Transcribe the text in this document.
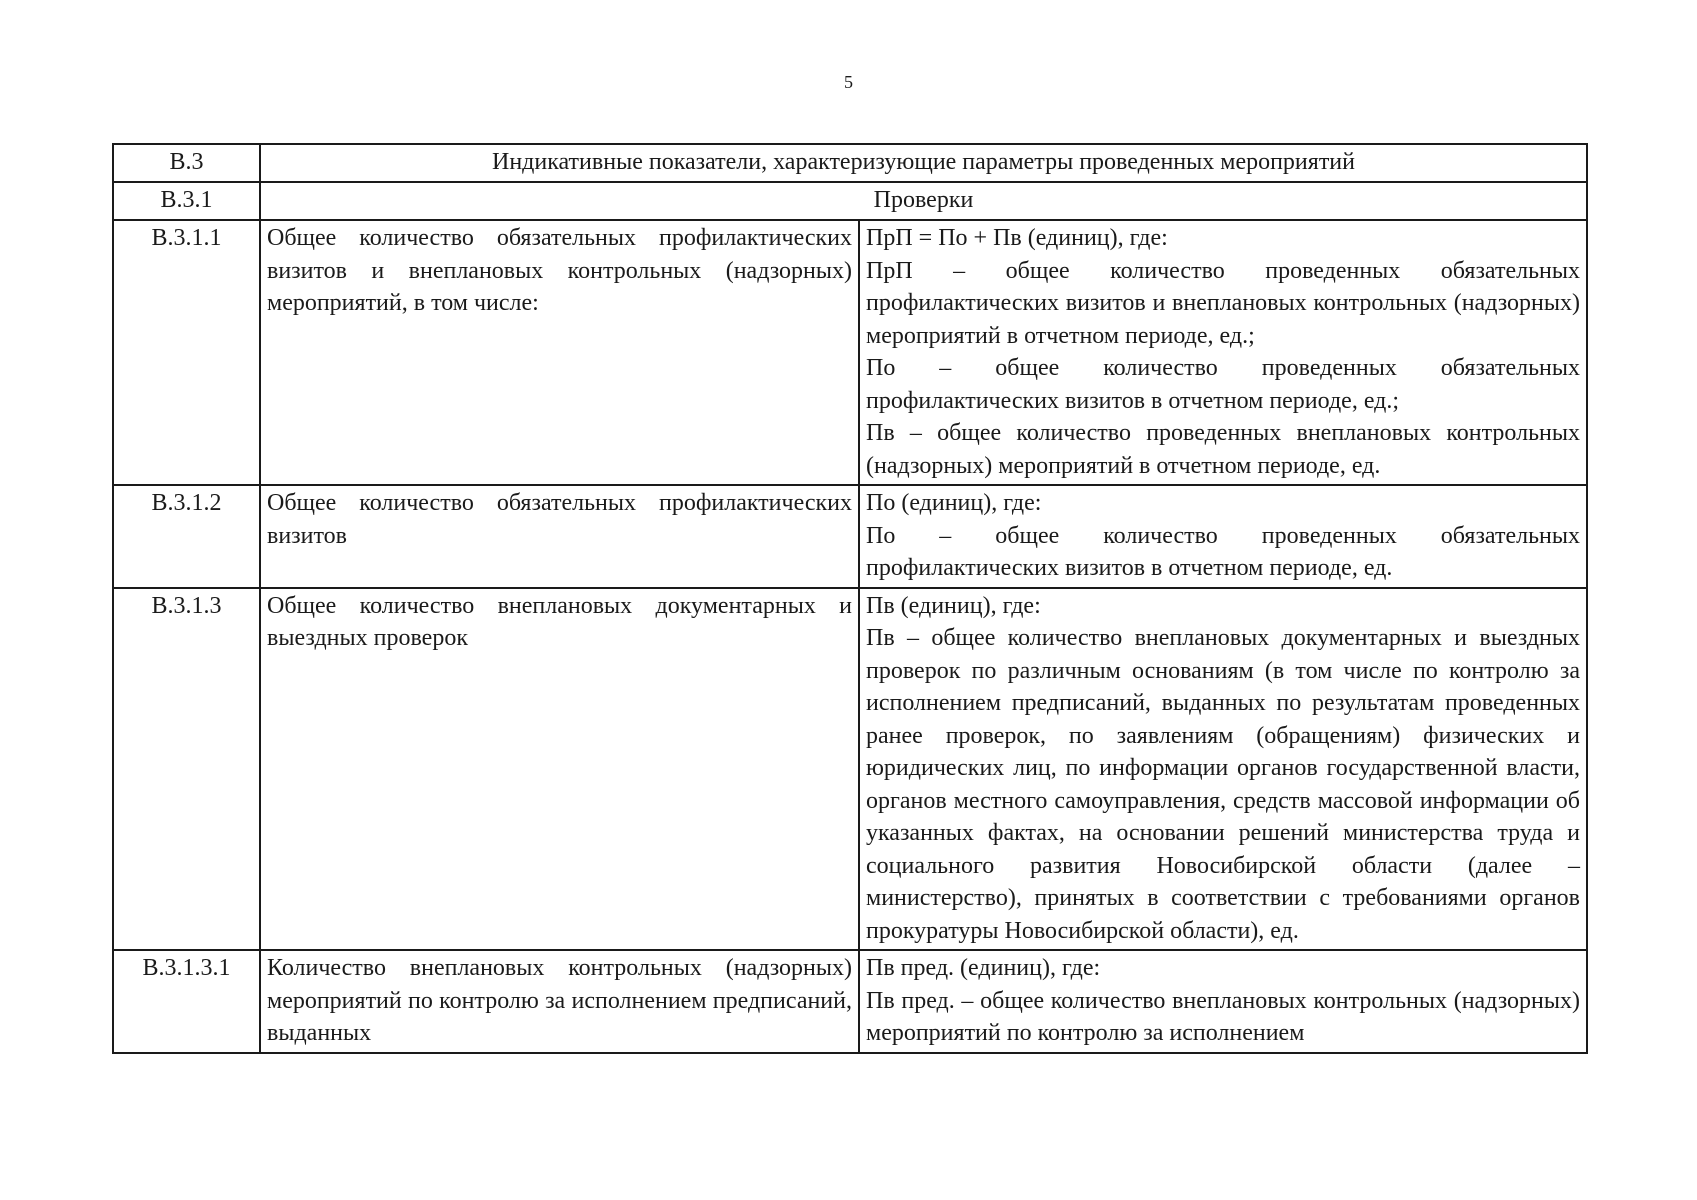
5
В.3	Индикативные показатели, характеризующие параметры проведенных мероприятий	
В.3.1	Проверки	
В.3.1.1	Общее количество обязательных профилактических визитов и внеплановых контрольных (надзорных) мероприятий, в том числе:	ПрП = По + Пв (единиц), где:

ПрП – общее количество проведенных обязательных профилактических визитов и внеплановых контрольных (надзорных) мероприятий в отчетном периоде, ед.;

По – общее количество проведенных обязательных профилактических визитов в отчетном периоде, ед.;

Пв – общее количество проведенных внеплановых контрольных (надзорных) мероприятий в отчетном периоде, ед.

В.3.1.2	Общее количество обязательных профилактических визитов	По (единиц), где:

По – общее количество проведенных обязательных профилактических визитов в отчетном периоде, ед.

В.3.1.3	Общее количество внеплановых документарных и выездных проверок	Пв (единиц), где:

Пв – общее количество внеплановых документарных и выездных проверок по различным основаниям (в том числе по контролю за исполнением предписаний, выданных по результатам проведенных ранее проверок, по заявлениям (обращениям) физических и юридических лиц, по информации органов государственной власти, органов местного самоуправления, средств массовой информации об указанных фактах, на основании решений министерства труда и социального развития Новосибирской области (далее – министерство), принятых в соответствии с требованиями органов прокуратуры Новосибирской области), ед.

В.3.1.3.1	Количество внеплановых контрольных (надзорных) мероприятий по контролю за исполнением предписаний, выданных	Пв пред. (единиц), где:

Пв пред. – общее количество внеплановых контрольных (надзорных) мероприятий по контролю за исполнением
